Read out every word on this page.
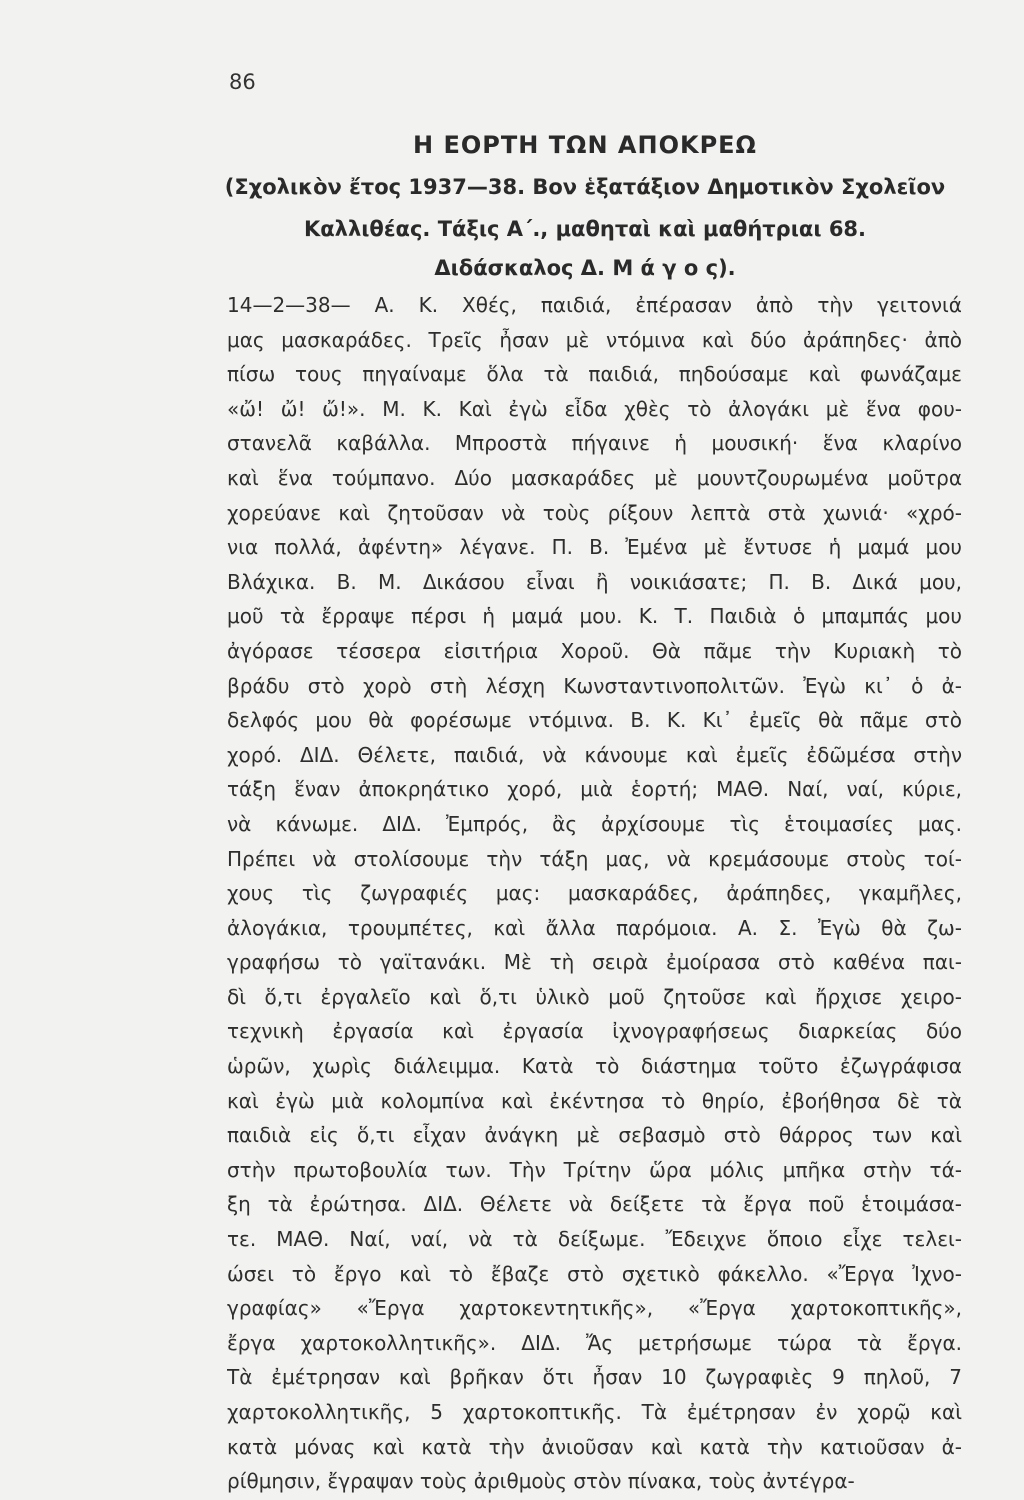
86
Η ΕΟΡΤΗ ΤΩΝ ΑΠΟΚΡΕΩ
(Σχολικὸν ἔτος 1937—38. Βον ἑξατάξιον Δημοτικὸν Σχολεῖον
Καλλιθέας. Τάξις Α΄., μαθηταὶ καὶ μαθήτριαι 68.
Διδάσκαλος Δ. Μ ά γ ο ς).
14—2—38— Α. Κ. Χθές, παιδιά, ἐπέρασαν ἀπὸ τὴν γειτονιά
μας μασκαράδες. Τρεῖς ἦσαν μὲ ντόμινα καὶ δύο ἀράπηδες· ἀπὸ
πίσω τους πηγαίναμε ὅλα τὰ παιδιά, πηδούσαμε καὶ φωνάζαμε
«ὤ! ὤ! ὤ!». Μ. Κ. Καὶ ἐγὼ εἶδα χθὲς τὸ ἀλογάκι μὲ ἕνα φου-
στανελᾶ καβάλλα. Μπροστὰ πήγαινε ἡ μουσική· ἕνα κλαρίνο
καὶ ἕνα τούμπανο. Δύο μασκαράδες μὲ μουντζουρωμένα μοῦτρα
χορεύανε καὶ ζητοῦσαν νὰ τοὺς ρίξουν λεπτὰ στὰ χωνιά· «χρό-
νια πολλά, ἀφέντη» λέγανε. Π. Β. Ἐμένα μὲ ἔντυσε ἡ μαμά μου
Βλάχικα. Β. Μ. Δικάσου εἶναι ἢ νοικιάσατε; Π. Β. Δικά μου,
μοῦ τὰ ἔρραψε πέρσι ἡ μαμά μου. Κ. Τ. Παιδιὰ ὁ μπαμπάς μου
ἀγόρασε τέσσερα εἰσιτήρια Χοροῦ. Θὰ πᾶμε τὴν Κυριακὴ τὸ
βράδυ στὸ χορὸ στὴ λέσχη Κωνσταντινοπολιτῶν. Ἐγὼ κι᾽ ὁ ἀ-
δελφός μου θὰ φορέσωμε ντόμινα. Β. Κ. Κι᾽ ἐμεῖς θὰ πᾶμε στὸ
χορό. ΔΙΔ. Θέλετε, παιδιά, νὰ κάνουμε καὶ ἐμεῖς ἐδῶμέσα στὴν
τάξη ἕναν ἀποκρηάτικο χορό, μιὰ ἑορτή; ΜΑΘ. Ναί, ναί, κύριε,
νὰ κάνωμε. ΔΙΔ. Ἐμπρός, ἂς ἀρχίσουμε τὶς ἑτοιμασίες μας.
Πρέπει νὰ στολίσουμε τὴν τάξη μας, νὰ κρεμάσουμε στοὺς τοί-
χους τὶς ζωγραφιές μας: μασκαράδες, ἀράπηδες, γκαμῆλες,
ἀλογάκια, τρουμπέτες, καὶ ἄλλα παρόμοια. Α. Σ. Ἐγὼ θὰ ζω-
γραφήσω τὸ γαϊτανάκι. Μὲ τὴ σειρὰ ἐμοίρασα στὸ καθένα παι-
δὶ ὅ,τι ἐργαλεῖο καὶ ὅ,τι ὑλικὸ μοῦ ζητοῦσε καὶ ἤρχισε χειρο-
τεχνικὴ ἐργασία καὶ ἐργασία ἰχνογραφήσεως διαρκείας δύο
ὡρῶν, χωρὶς διάλειμμα. Κατὰ τὸ διάστημα τοῦτο ἐζωγράφισα
καὶ ἐγὼ μιὰ κολομπίνα καὶ ἐκέντησα τὸ θηρίο, ἐβοήθησα δὲ τὰ
παιδιὰ εἰς ὅ,τι εἶχαν ἀνάγκη μὲ σεβασμὸ στὸ θάρρος των καὶ
στὴν πρωτοβουλία των. Τὴν Τρίτην ὥρα μόλις μπῆκα στὴν τά-
ξη τὰ ἐρώτησα. ΔΙΔ. Θέλετε νὰ δείξετε τὰ ἔργα ποῦ ἑτοιμάσα-
τε. ΜΑΘ. Ναί, ναί, νὰ τὰ δείξωμε. Ἔδειχνε ὅποιο εἶχε τελει-
ώσει τὸ ἔργο καὶ τὸ ἔβαζε στὸ σχετικὸ φάκελλο. «Ἔργα Ἰχνο-
γραφίας» «Ἔργα χαρτοκεντητικῆς», «Ἔργα χαρτοκοπτικῆς»,
ἔργα χαρτοκολλητικῆς». ΔΙΔ. Ἄς μετρήσωμε τώρα τὰ ἔργα.
Τὰ ἐμέτρησαν καὶ βρῆκαν ὅτι ἦσαν 10 ζωγραφιὲς 9 πηλοῦ, 7
χαρτοκολλητικῆς, 5 χαρτοκοπτικῆς. Τὰ ἐμέτρησαν ἐν χορῷ καὶ
κατὰ μόνας καὶ κατὰ τὴν ἀνιοῦσαν καὶ κατὰ τὴν κατιοῦσαν ἀ-
ρίθμησιν, ἔγραψαν τοὺς ἀριθμοὺς στὸν πίνακα, τοὺς ἀντέγρα-
